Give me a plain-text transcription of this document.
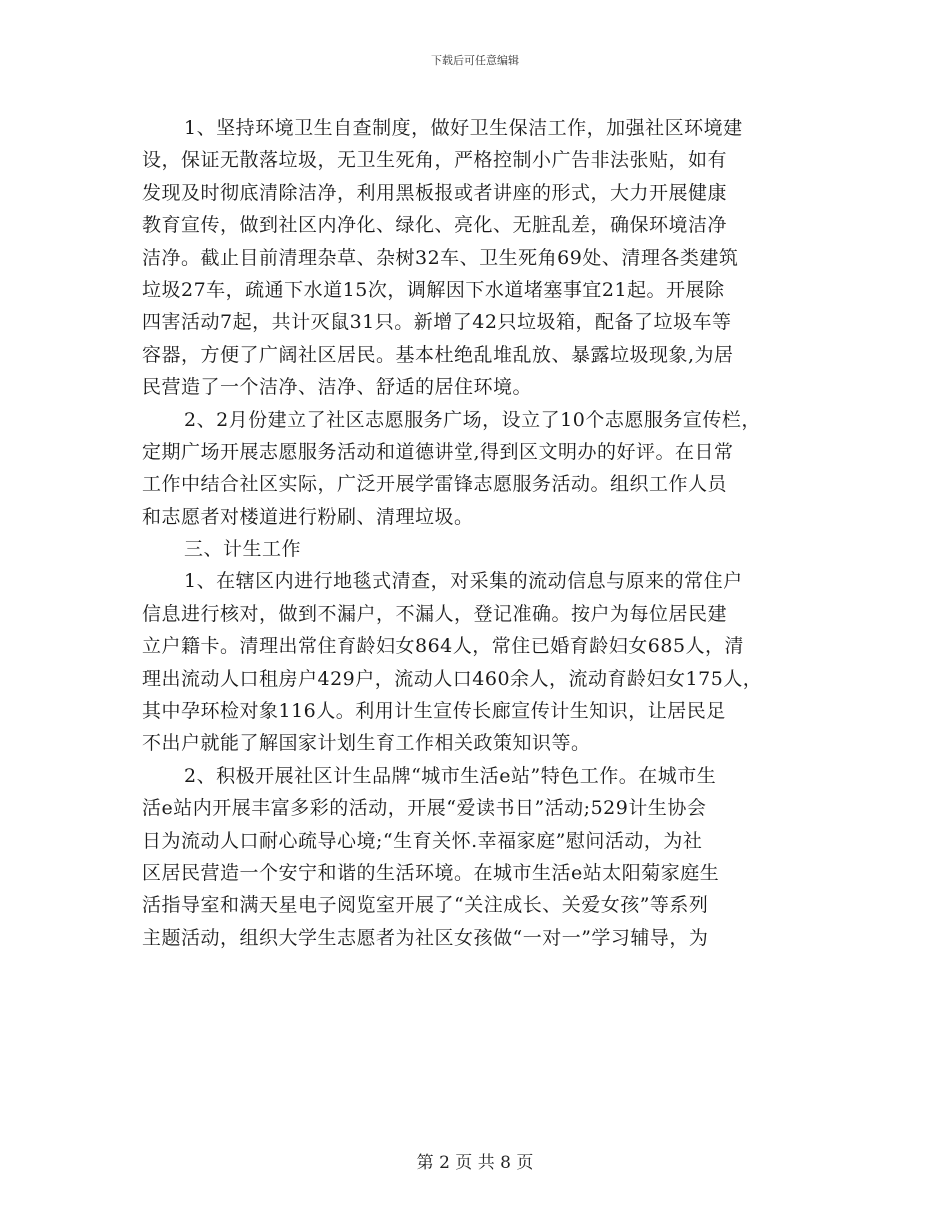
下载后可任意编辑
1、坚持环境卫生自查制度，做好卫生保洁工作，加强社区环境建
设，保证无散落垃圾，无卫生死角，严格控制小广告非法张贴，如有
发现及时彻底清除洁净，利用黑板报或者讲座的形式，大力开展健康
教育宣传，做到社区内净化、绿化、亮化、无脏乱差，确保环境洁净
洁净。截止目前清理杂草、杂树32车、卫生死角69处、清理各类建筑
垃圾27车，疏通下水道15次，调解因下水道堵塞事宜21起。开展除
四害活动7起，共计灭鼠31只。新增了42只垃圾箱，配备了垃圾车等
容器，方便了广阔社区居民。基本杜绝乱堆乱放、暴露垃圾现象,为居
民营造了一个洁净、洁净、舒适的居住环境。
2、2月份建立了社区志愿服务广场，设立了10个志愿服务宣传栏，
定期广场开展志愿服务活动和道德讲堂,得到区文明办的好评。在日常
工作中结合社区实际，广泛开展学雷锋志愿服务活动。组织工作人员
和志愿者对楼道进行粉刷、清理垃圾。
三、计生工作
1、在辖区内进行地毯式清查，对采集的流动信息与原来的常住户
信息进行核对，做到不漏户，不漏人，登记准确。按户为每位居民建
立户籍卡。清理出常住育龄妇女864人，常住已婚育龄妇女685人，清
理出流动人口租房户429户，流动人口460余人，流动育龄妇女175人，
其中孕环检对象116人。利用计生宣传长廊宣传计生知识，让居民足
不出户就能了解国家计划生育工作相关政策知识等。
2、积极开展社区计生品牌“城市生活e站”特色工作。在城市生
活e站内开展丰富多彩的活动，开展“爱读书日”活动;529计生协会
日为流动人口耐心疏导心境;“生育关怀.幸福家庭”慰问活动，为社
区居民营造一个安宁和谐的生活环境。在城市生活e站太阳菊家庭生
活指导室和满天星电子阅览室开展了“关注成长、关爱女孩”等系列
主题活动，组织大学生志愿者为社区女孩做“一对一”学习辅导，为
第 2 页 共 8 页
